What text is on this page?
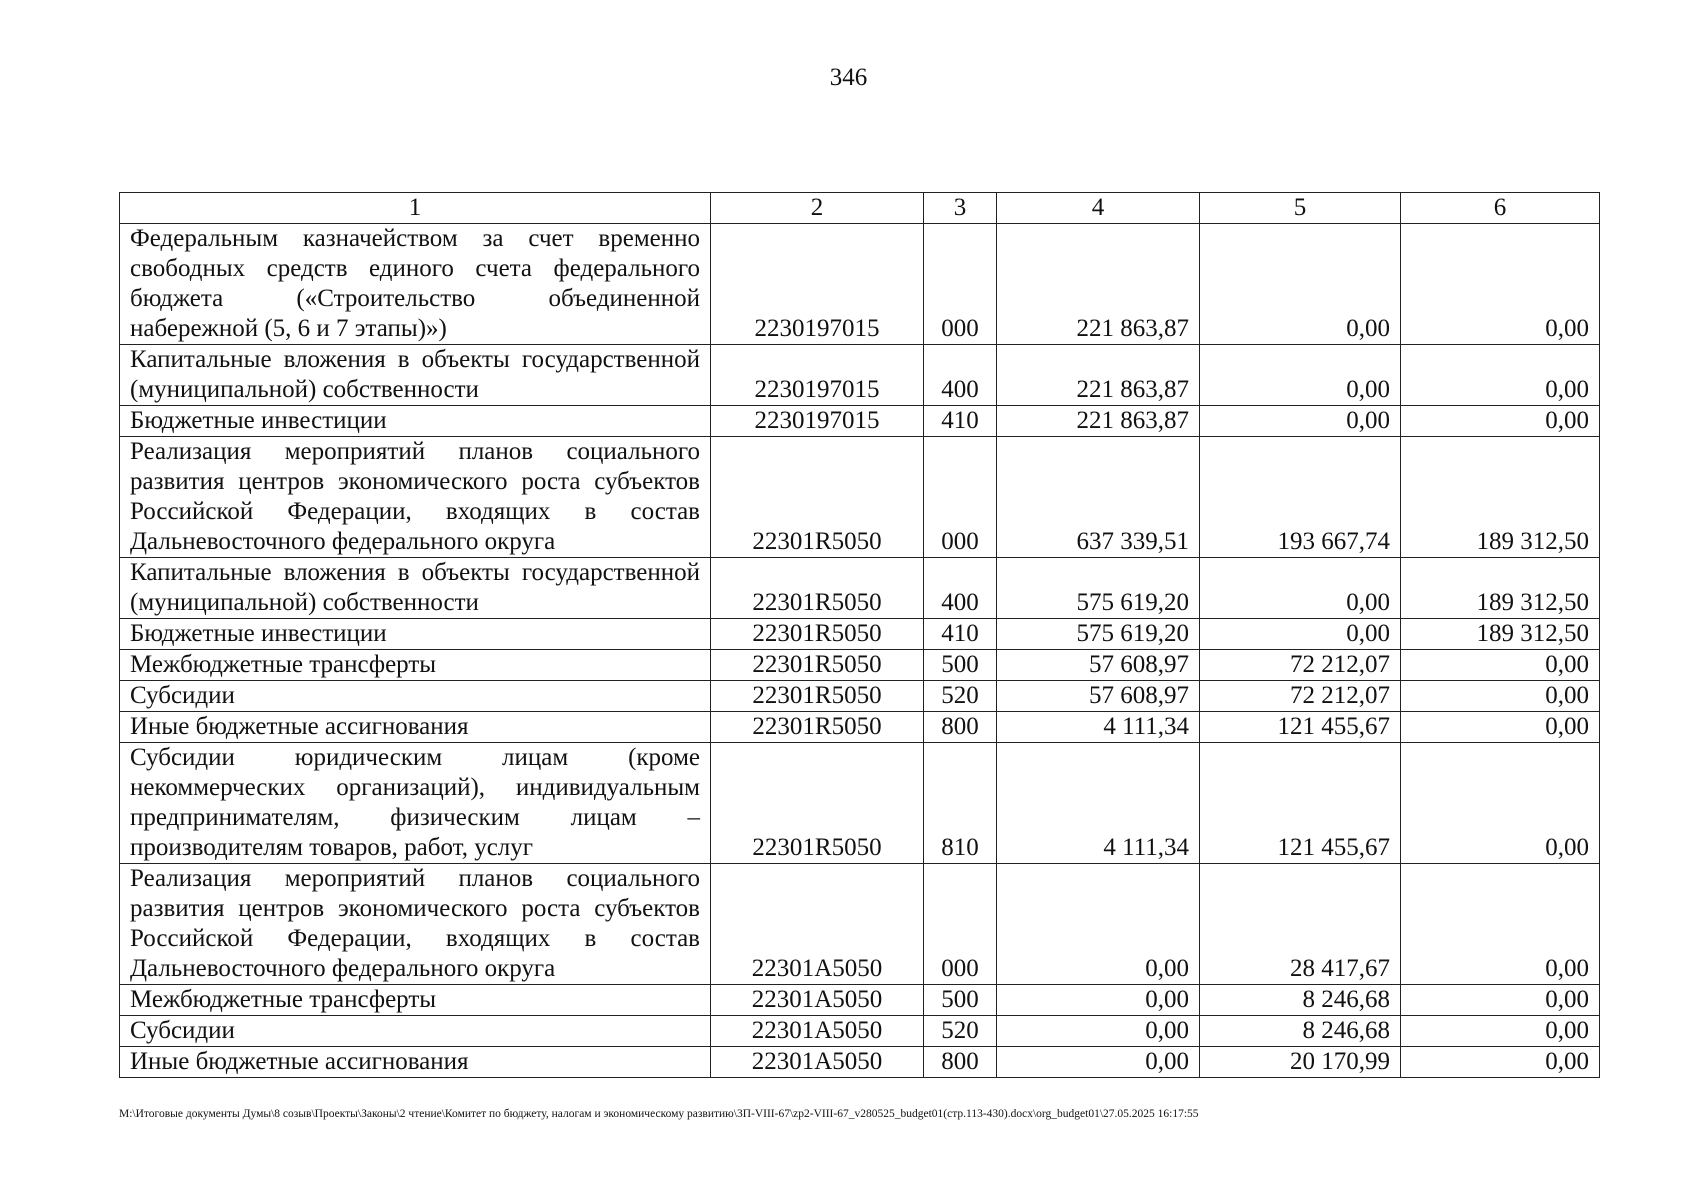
346
1	2	3	4	5	6
Федеральным казначейством за счет временно свободных средств единого счета федерального бюджета («Строительство объединенной набережной (5, 6 и 7 этапы)»)	2230197015	000	221 863,87	0,00	0,00
Капитальные вложения в объекты государственной (муниципальной) собственности	2230197015	400	221 863,87	0,00	0,00
Бюджетные инвестиции	2230197015	410	221 863,87	0,00	0,00
Реализация мероприятий планов социального развития центров экономического роста субъектов Российской Федерации, входящих в состав Дальневосточного федерального округа	22301R5050	000	637 339,51	193 667,74	189 312,50
Капитальные вложения в объекты государственной (муниципальной) собственности	22301R5050	400	575 619,20	0,00	189 312,50
Бюджетные инвестиции	22301R5050	410	575 619,20	0,00	189 312,50
Межбюджетные трансферты	22301R5050	500	57 608,97	72 212,07	0,00
Субсидии	22301R5050	520	57 608,97	72 212,07	0,00
Иные бюджетные ассигнования	22301R5050	800	4 111,34	121 455,67	0,00
Субсидии юридическим лицам (кроме некоммерческих организаций), индивидуальным предпринимателям, физическим лицам – производителям товаров, работ, услуг	22301R5050	810	4 111,34	121 455,67	0,00
Реализация мероприятий планов социального развития центров экономического роста субъектов Российской Федерации, входящих в состав Дальневосточного федерального округа	22301A5050	000	0,00	28 417,67	0,00
Межбюджетные трансферты	22301A5050	500	0,00	8 246,68	0,00
Субсидии	22301A5050	520	0,00	8 246,68	0,00
Иные бюджетные ассигнования	22301A5050	800	0,00	20 170,99	0,00
M:\Итоговые документы Думы\8 созыв\Проекты\Законы\2 чтение\Комитет по бюджету, налогам и экономическому развитию\3П-VIII-67\zp2-VIII-67_v280525_budget01(стр.113-430).docx\org_budget01\27.05.2025 16:17:55
